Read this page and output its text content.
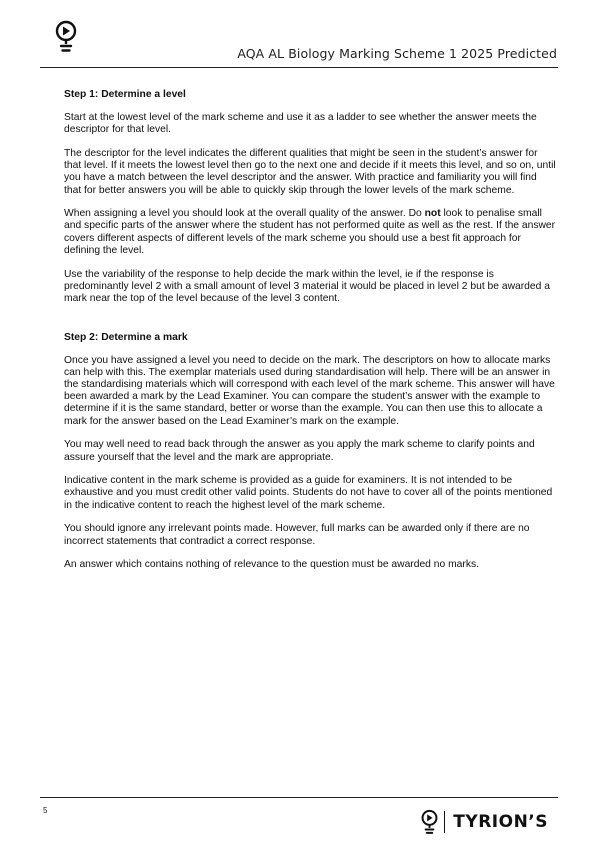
AQA AL Biology Marking Scheme 1 2025 Predicted
Step 1: Determine a level

Start at the lowest level of the mark scheme and use it as a ladder to see whether the answer meets the descriptor for that level.

The descriptor for the level indicates the different qualities that might be seen in the student’s answer for that level. If it meets the lowest level then go to the next one and decide if it meets this level, and so on, until you have a match between the level descriptor and the answer. With practice and familiarity you will find that for better answers you will be able to quickly skip through the lower levels of the mark scheme.

When assigning a level you should look at the overall quality of the answer. Do not look to penalise small and specific parts of the answer where the student has not performed quite as well as the rest. If the answer covers different aspects of different levels of the mark scheme you should use a best fit approach for defining the level.

Use the variability of the response to help decide the mark within the level, ie if the response is predominantly level 2 with a small amount of level 3 material it would be placed in level 2 but be awarded a mark near the top of the level because of the level 3 content.

Step 2: Determine a mark

Once you have assigned a level you need to decide on the mark. The descriptors on how to allocate marks can help with this. The exemplar materials used during standardisation will help. There will be an answer in the standardising materials which will correspond with each level of the mark scheme. This answer will have been awarded a mark by the Lead Examiner. You can compare the student’s answer with the example to determine if it is the same standard, better or worse than the example. You can then use this to allocate a mark for the answer based on the Lead Examiner’s mark on the example.

You may well need to read back through the answer as you apply the mark scheme to clarify points and assure yourself that the level and the mark are appropriate.

Indicative content in the mark scheme is provided as a guide for examiners. It is not intended to be exhaustive and you must credit other valid points. Students do not have to cover all of the points mentioned in the indicative content to reach the highest level of the mark scheme.

You should ignore any irrelevant points made. However, full marks can be awarded only if there are no incorrect statements that contradict a correct response.

An answer which contains nothing of relevance to the question must be awarded no marks.

5
TYRION’S
